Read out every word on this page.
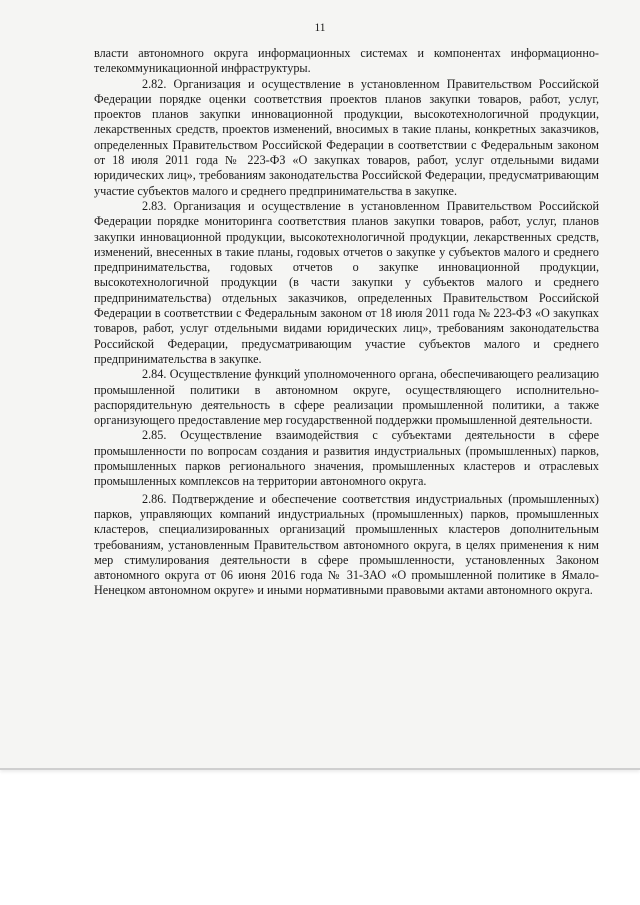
11

власти автономного округа информационных системах и компонентах информационно-телекоммуникационной инфраструктуры.

2.82. Организация и осуществление в установленном Правительством Российской Федерации порядке оценки соответствия проектов планов закупки товаров, работ, услуг, проектов планов закупки инновационной продукции, высокотехнологичной продукции, лекарственных средств, проектов изменений, вносимых в такие планы, конкретных заказчиков, определенных Правительством Российской Федерации в соответствии с Федеральным законом от 18 июля 2011 года № 223-ФЗ «О закупках товаров, работ, услуг отдельными видами юридических лиц», требованиям законодательства Российской Федерации, предусматривающим участие субъектов малого и среднего предпринимательства в закупке.

2.83. Организация и осуществление в установленном Правительством Российской Федерации порядке мониторинга соответствия планов закупки товаров, работ, услуг, планов закупки инновационной продукции, высокотехнологичной продукции, лекарственных средств, изменений, внесенных в такие планы, годовых отчетов о закупке у субъектов малого и среднего предпринимательства, годовых отчетов о закупке инновационной продукции, высокотехнологичной продукции (в части закупки у субъектов малого и среднего предпринимательства) отдельных заказчиков, определенных Правительством Российской Федерации в соответствии с Федеральным законом от 18 июля 2011 года № 223-ФЗ «О закупках товаров, работ, услуг отдельными видами юридических лиц», требованиям законодательства Российской Федерации, предусматривающим участие субъектов малого и среднего предпринимательства в закупке.

2.84. Осуществление функций уполномоченного органа, обеспечивающего реализацию промышленной политики в автономном округе, осуществляющего исполнительно-распорядительную деятельность в сфере реализации промышленной политики, а также организующего предоставление мер государственной поддержки промышленной деятельности.

2.85. Осуществление взаимодействия с субъектами деятельности в сфере промышленности по вопросам создания и развития индустриальных (промышленных) парков, промышленных парков регионального значения, промышленных кластеров и отраслевых промышленных комплексов на территории автономного округа.

2.86. Подтверждение и обеспечение соответствия индустриальных (промышленных) парков, управляющих компаний индустриальных (промышленных) парков, промышленных кластеров, специализированных организаций промышленных кластеров дополнительным требованиям, установленным Правительством автономного округа, в целях применения к ним мер стимулирования деятельности в сфере промышленности, установленных Законом автономного округа от 06 июня 2016 года № 31-ЗАО «О промышленной политике в Ямало-Ненецком автономном округе» и иными нормативными правовыми актами автономного округа.
